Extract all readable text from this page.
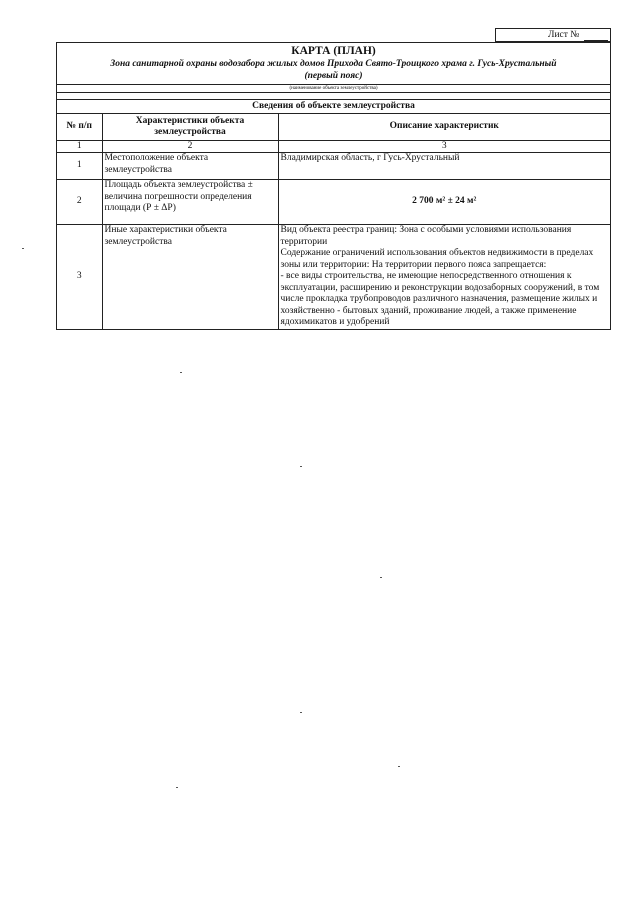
Лист №
КАРТА (ПЛАН)
Зона санитарной охраны водозабора жилых домов Прихода Свято-Троицкого храма г. Гусь-Хрустальный
(первый пояс)
(наименование объекта землеустройства)
Сведения об объекте землеустройства
№ п/п	Характеристики объекта землеустройства	Описание характеристик
1	2	3
1	Местоположение объекта землеустройства	Владимирская область, г Гусь-Хрустальный

2	Площадь объекта землеустройства ± величина погрешности определения площади (Р ± ΔР)	2 700 м² ± 24 м²
3	Иные характеристики объекта землеустройства	Вид объекта реестра границ: Зона с особыми условиями использования территории
Содержание ограничений использования объектов недвижимости в пределах зоны или территории: На территории первого пояса запрещается:
- все виды строительства, не имеющие непосредственного отношения к эксплуатации, расширению и реконструкции водозаборных сооружений, в том числе прокладка трубопроводов различного назначения, размещение жилых и хозяйственно - бытовых зданий, проживание людей, а также применение ядохимикатов и удобрений
